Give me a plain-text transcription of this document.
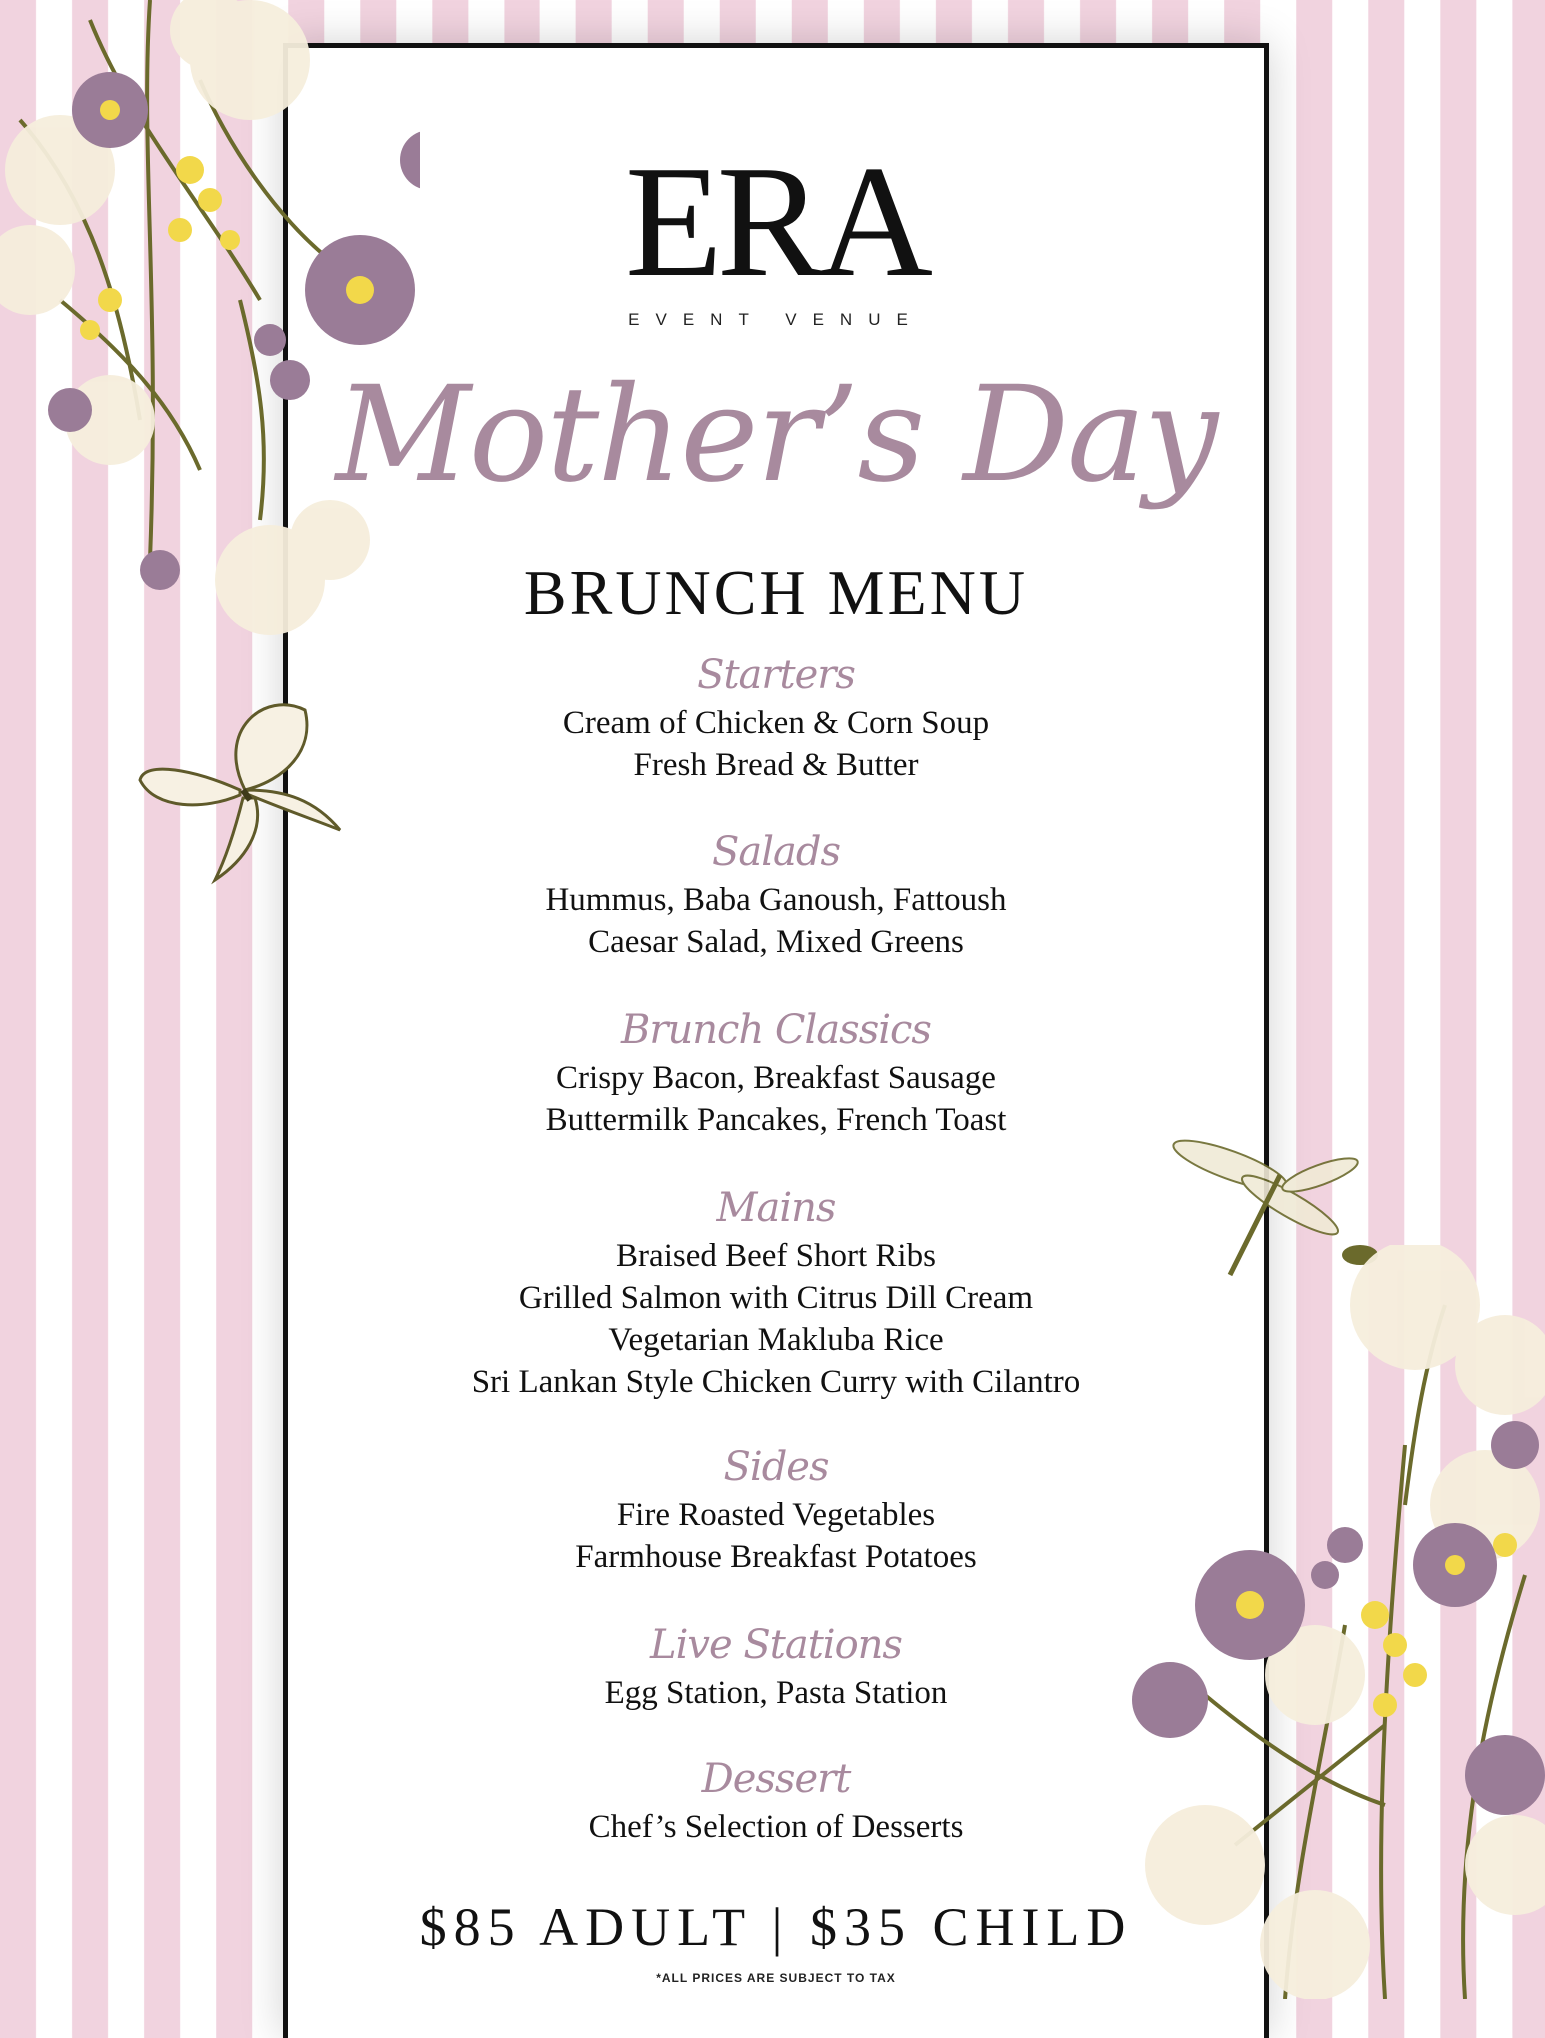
ERA
EVENT VENUE
Mother’s Day
BRUNCH MENU
Starters
Cream of Chicken & Corn Soup
Fresh Bread & Butter
Salads
Hummus, Baba Ganoush, Fattoush
Caesar Salad, Mixed Greens
Brunch Classics
Crispy Bacon, Breakfast Sausage
Buttermilk Pancakes, French Toast
Mains
Braised Beef Short Ribs
Grilled Salmon with Citrus Dill Cream
Vegetarian Makluba Rice
Sri Lankan Style Chicken Curry with Cilantro
Sides
Fire Roasted Vegetables
Farmhouse Breakfast Potatoes
Live Stations
Egg Station, Pasta Station
Dessert
Chef’s Selection of Desserts
$85 ADULT | $35 CHILD
*ALL PRICES ARE SUBJECT TO TAX
